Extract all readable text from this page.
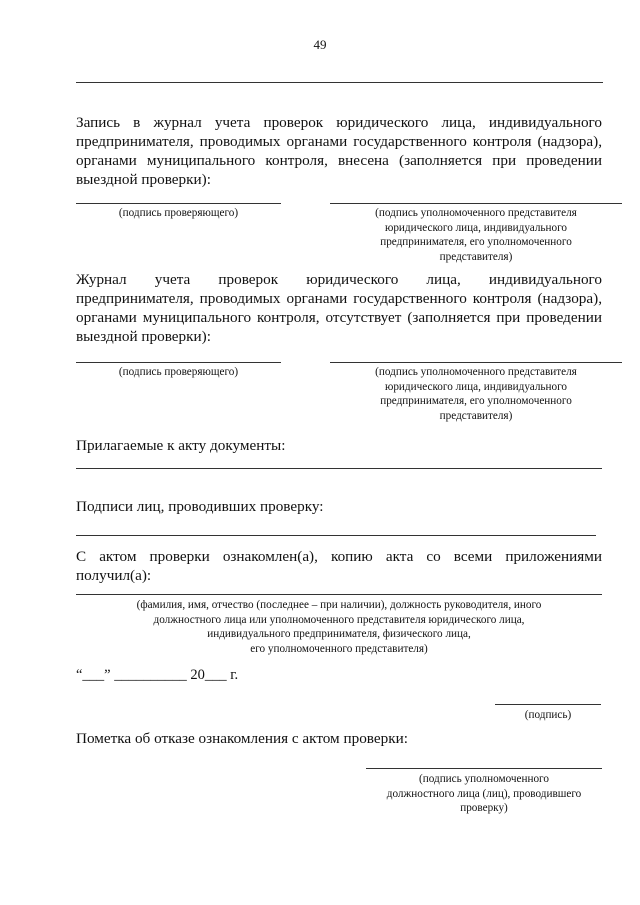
49
Запись в журнал учета проверок юридического лица, индивидуального
предпринимателя, проводимых органами государственного контроля (надзора),
органами муниципального контроля, внесена (заполняется при проведении
выездной проверки):
(подпись проверяющего)	(подпись уполномоченного представителя
юридического лица, индивидуального
предпринимателя, его уполномоченного
представителя)
Журнал учета проверок юридического лица, индивидуального
предпринимателя, проводимых органами государственного контроля (надзора),
органами муниципального контроля, отсутствует (заполняется при проведении
выездной проверки):
(подпись проверяющего)	(подпись уполномоченного представителя
юридического лица, индивидуального
предпринимателя, его уполномоченного
представителя)
Прилагаемые к акту документы:
Подписи лиц, проводивших проверку:
С актом проверки ознакомлен(а), копию акта со всеми приложениями
получил(а):
(фамилия, имя, отчество (последнее – при наличии), должность руководителя, иного
должностного лица или уполномоченного представителя юридического лица,
индивидуального предпринимателя, физического лица,
его уполномоченного представителя)
“___” __________ 20___ г.
(подпись)
Пометка об отказе ознакомления с актом проверки:
(подпись уполномоченного
должностного лица (лиц), проводившего
проверку)
